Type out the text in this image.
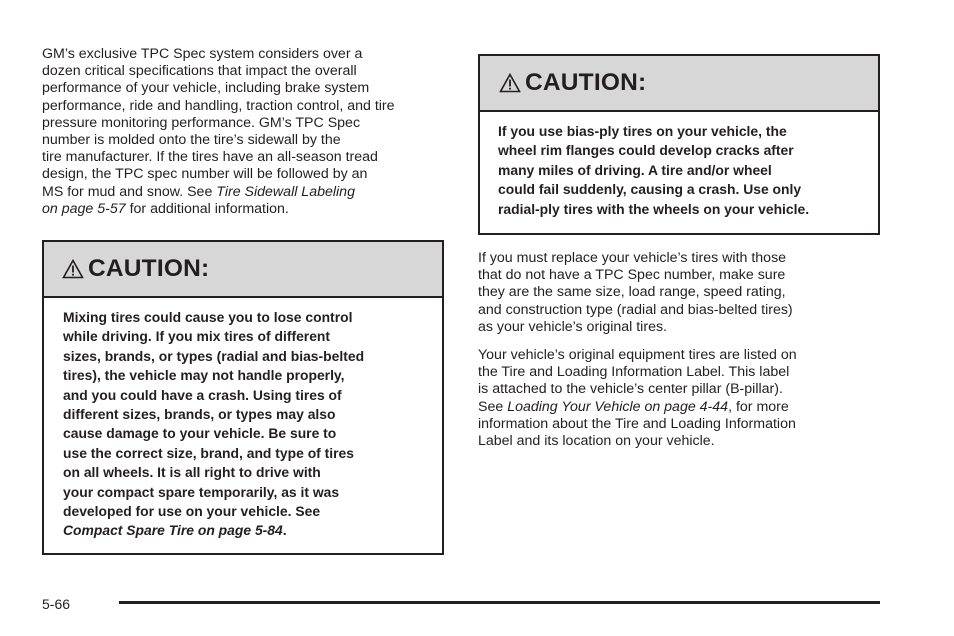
GM’s exclusive TPC Spec system considers over a
dozen critical specifications that impact the overall
performance of your vehicle, including brake system
performance, ride and handling, traction control, and tire
pressure monitoring performance. GM’s TPC Spec
number is molded onto the tire’s sidewall by the
tire manufacturer. If the tires have an all-season tread
design, the TPC spec number will be followed by an
MS for mud and snow. See Tire Sidewall Labeling
on page 5-57 for additional information.

CAUTION:
Mixing tires could cause you to lose control
while driving. If you mix tires of different
sizes, brands, or types (radial and bias-belted
tires), the vehicle may not handle properly,
and you could have a crash. Using tires of
different sizes, brands, or types may also
cause damage to your vehicle. Be sure to
use the correct size, brand, and type of tires
on all wheels. It is all right to drive with
your compact spare temporarily, as it was
developed for use on your vehicle. See
Compact Spare Tire on page 5-84.
CAUTION:
If you use bias-ply tires on your vehicle, the
wheel rim flanges could develop cracks after
many miles of driving. A tire and/or wheel
could fail suddenly, causing a crash. Use only
radial-ply tires with the wheels on your vehicle.

If you must replace your vehicle’s tires with those
that do not have a TPC Spec number, make sure
they are the same size, load range, speed rating,
and construction type (radial and bias-belted tires)
as your vehicle’s original tires.

Your vehicle’s original equipment tires are listed on
the Tire and Loading Information Label. This label
is attached to the vehicle’s center pillar (B-pillar).
See Loading Your Vehicle on page 4-44, for more
information about the Tire and Loading Information
Label and its location on your vehicle.

5-66
